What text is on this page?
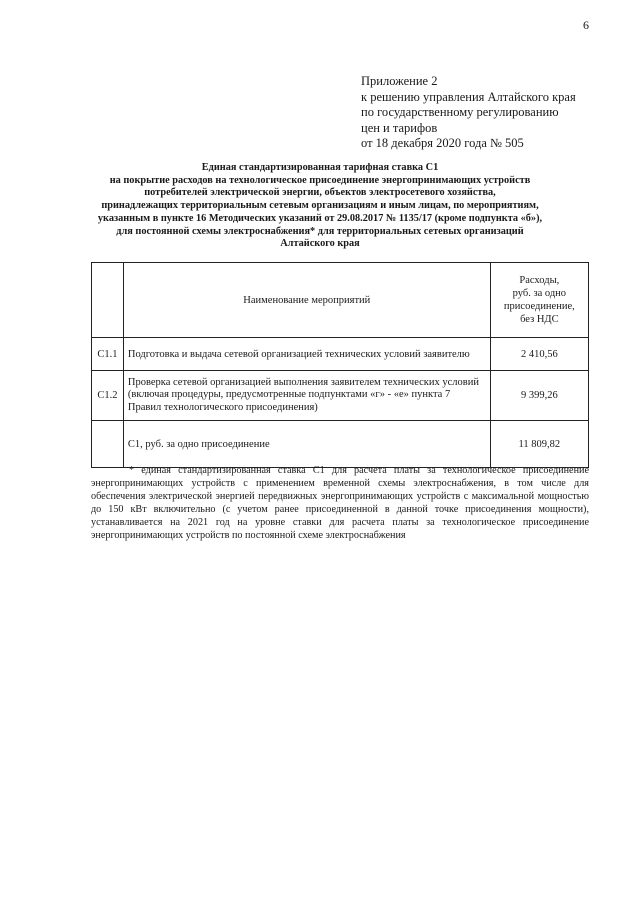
6
Приложение 2
к решению управления Алтайского края
по государственному регулированию
цен и тарифов
от 18 декабря 2020 года № 505
Единая стандартизированная тарифная ставка С1
на покрытие расходов на технологическое присоединение энергопринимающих устройств
потребителей электрической энергии, объектов электросетевого хозяйства,
принадлежащих территориальным сетевым организациям и иным лицам, по мероприятиям,
указанным в пункте 16 Методических указаний от 29.08.2017 № 1135/17 (кроме подпункта «б»),
для постоянной схемы электроснабжения* для территориальных сетевых организаций
Алтайского края
	Наименование мероприятий	Расходы,
руб. за одно
присоединение,
без НДС

С1.1	Подготовка и выдача сетевой организацией технических условий заявителю	2 410,56
С1.2	Проверка сетевой организацией выполнения заявителем технических условий (включая процедуры, предусмотренные подпунктами «г» - «е» пункта 7 Правил технологического присоединения)	9 399,26
	С1, руб. за одно присоединение	11 809,82
* единая стандартизированная ставка С1 для расчета платы за технологическое присоединение энергопринимающих устройств с применением временной схемы электроснабжения, в том числе для обеспечения электрической энергией передвижных энергопринимающих устройств с максимальной мощностью до 150 кВт включительно (с учетом ранее присоединенной в данной точке присоединения мощности), устанавливается на 2021 год на уровне ставки для расчета платы за технологическое присоединение энергопринимающих устройств по постоянной схеме электроснабжения
